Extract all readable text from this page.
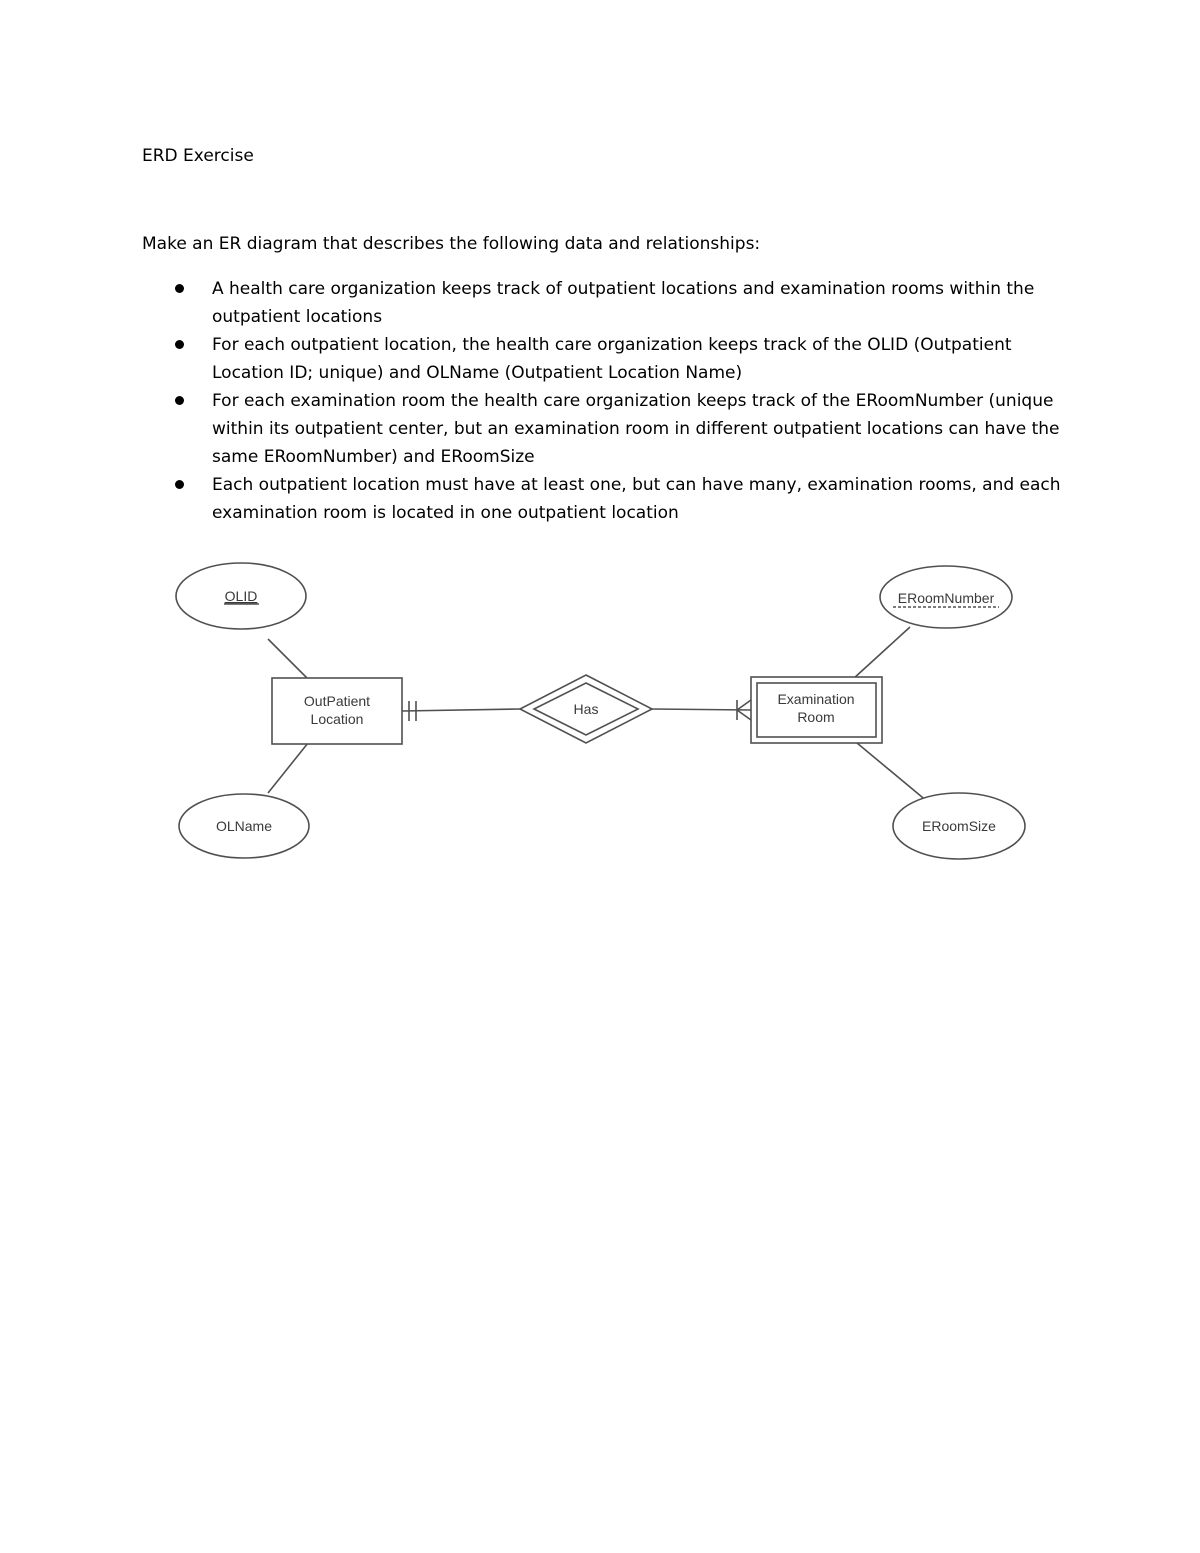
ERD Exercise

Make an ER diagram that describes the following data and relationships:

A health care organization keeps track of outpatient locations and examination rooms within the outpatient locations
For each outpatient location, the health care organization keeps track of the OLID (Outpatient Location ID; unique) and OLName (Outpatient Location Name)
For each examination room the health care organization keeps track of the ERoomNumber (unique within its outpatient center, but an examination room in different outpatient locations can have the same ERoomNumber) and ERoomSize
Each outpatient location must have at least one, but can have many, examination rooms, and each examination room is located in one outpatient location
OutPatient
Location
Examination
Room
Has
OLID
OLName
ERoomNumber
ERoomSize
